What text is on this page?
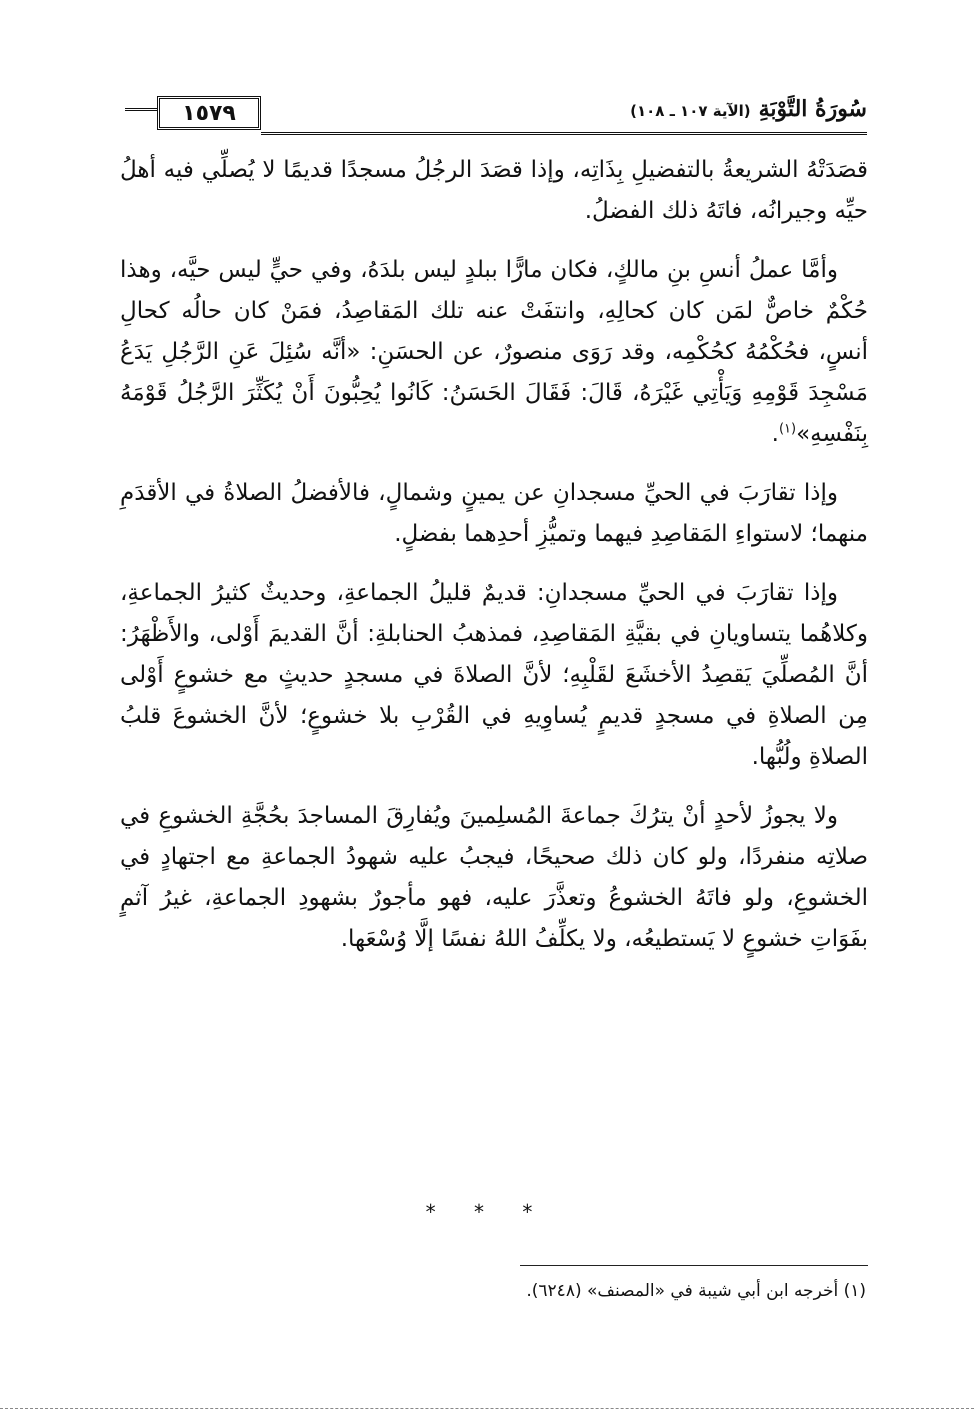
١٥٧٩	سُورَةُ التَّوْبَةِ
(الآية ١٠٧ ـ ١٠٨)

قصَدَتْهُ الشريعةُ بالتفضيلِ بِذَاتِه، وإذا قصَدَ الرجُلُ مسجدًا قديمًا لا يُصلِّي فيه أهلُ حيِّه وجيرانُه، فاتَهُ ذلك الفضلُ.

وأمَّا عملُ أنسِ بنِ مالكٍ، فكان مارًّا ببلدٍ ليس بلدَهُ، وفي حيٍّ ليس حيَّه، وهذا حُكْمٌ خاصٌّ لمَن كان كحالِهِ، وانتفَتْ عنه تلك المَقاصِدُ، فمَنْ كان حالُه كحالِ أنسٍ، فحُكْمُهُ كحُكْمِه، وقد رَوَى منصورٌ، عن الحسَنِ: «أنَّه سُئِلَ عَنِ الرَّجُلِ يَدَعُ مَسْجِدَ قَوْمِهِ وَيَأْتِي غَيْرَهُ، قَالَ: فَقَالَ الحَسَنُ: كَانُوا يُحِبُّونَ أَنْ يُكَثِّرَ الرَّجُلُ قَوْمَهُ بِنَفْسِهِ»$^{(١)}$.

وإذا تقارَبَ في الحيِّ مسجدانِ عن يمينٍ وشمالٍ، فالأفضلُ الصلاةُ في الأقدَمِ منهما؛ لاستواءِ المَقاصِدِ فيهما وتميُّزِ أحدِهما بفضلٍ.

وإذا تقارَبَ في الحيِّ مسجدانِ: قديمٌ قليلُ الجماعةِ، وحديثٌ كثيرُ الجماعةِ، وكلاهُما يتساويانِ في بقيَّةِ المَقاصِدِ، فمذهبُ الحنابلةِ: أنَّ القديمَ أَوْلى، والأَظْهَرُ: أنَّ المُصلِّيَ يَقصِدُ الأخشَعَ لقَلْبِهِ؛ لأنَّ الصلاةَ في مسجدٍ حديثٍ مع خشوعٍ أَوْلى مِن الصلاةِ في مسجدٍ قديمٍ يُساوِيهِ في القُرْبِ بلا خشوعٍ؛ لأنَّ الخشوعَ قلبُ الصلاةِ ولُبُّها.

ولا يجوزُ لأحدٍ أنْ يترُكَ جماعةَ المُسلِمينَ ويُفارِقَ المساجدَ بحُجَّةِ الخشوعِ في صلاتِه منفردًا، ولو كان ذلك صحيحًا، فيجبُ عليه شهودُ الجماعةِ مع اجتهادٍ في الخشوعِ، ولو فاتَهُ الخشوعُ وتعذَّرَ عليه، فهو مأجورٌ بشهودِ الجماعةِ، غيرُ آثمٍ بفَوَاتِ خشوعٍ لا يَستطيعُه، ولا يكلِّفُ اللهُ نفسًا إلَّا وُسْعَها.

* * *
(١) أخرجه ابن أبي شيبة في «المصنف» (٦٢٤٨).
